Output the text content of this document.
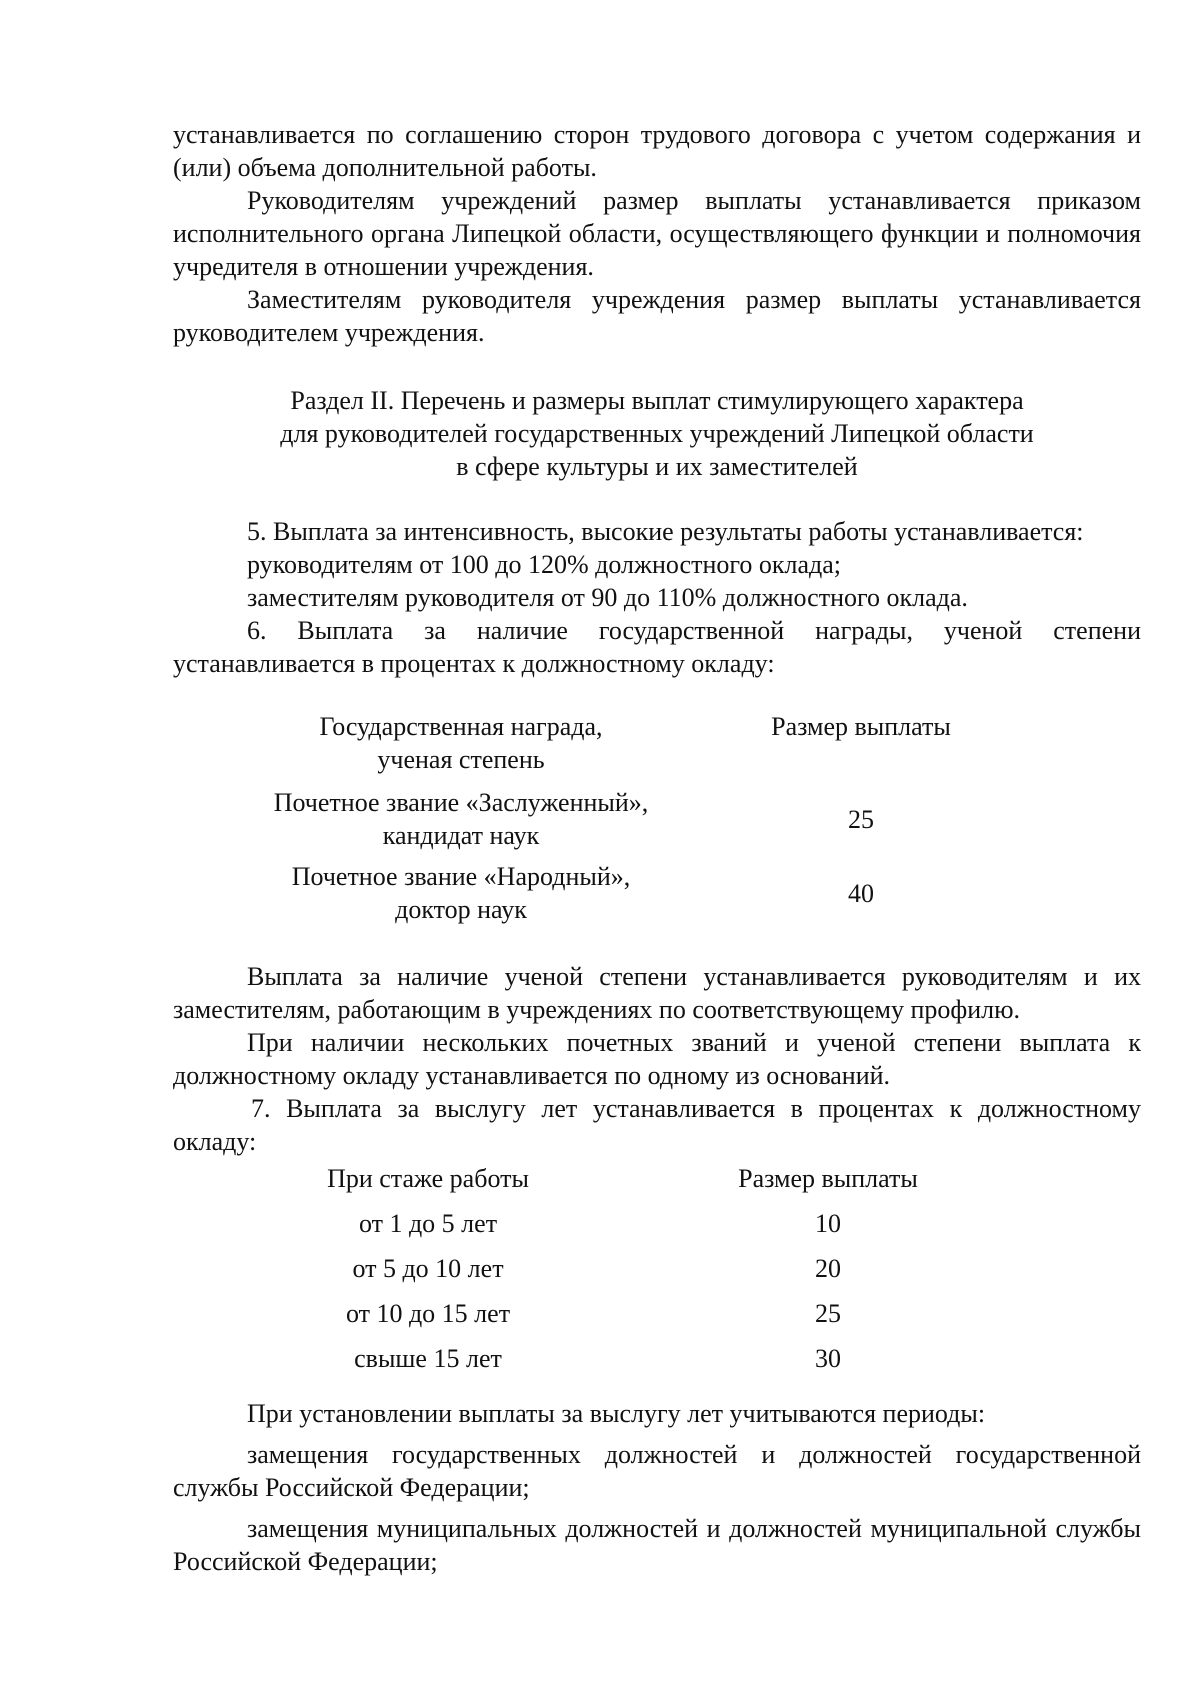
устанавливается по соглашению сторон трудового договора с учетом содержания и (или) объема дополнительной работы.

Руководителям учреждений размер выплаты устанавливается приказом исполнительного органа Липецкой области, осуществляющего функции и полномочия учредителя в отношении учреждения.

Заместителям руководителя учреждения размер выплаты устанавливается руководителем учреждения.

Раздел II. Перечень и размеры выплат стимулирующего характера
для руководителей государственных учреждений Липецкой области
в сфере культуры и их заместителей

5. Выплата за интенсивность, высокие результаты работы устанавливается:

руководителям от 100 до 120% должностного оклада;

заместителям руководителя от 90 до 110% должностного оклада.

6. Выплата за наличие государственной награды, ученой степени устанавливается в процентах к должностному окладу:

Государственная награда,
ученая степень	Размер выплаты

Почетное звание «Заслуженный»,
кандидат наук	25

Почетное звание «Народный»,
доктор наук	40

Выплата за наличие ученой степени устанавливается руководителям и их заместителям, работающим в учреждениях по соответствующему профилю.

При наличии нескольких почетных званий и ученой степени выплата к должностному окладу устанавливается по одному из оснований.

7. Выплата за выслугу лет устанавливается в процентах к должностному окладу:

При стаже работы	Размер выплаты
от 1 до 5 лет	10
от 5 до 10 лет	20
от 10 до 15 лет	25
свыше 15 лет	30

При установлении выплаты за выслугу лет учитываются периоды:

замещения государственных должностей и должностей государственной службы Российской Федерации;

замещения муниципальных должностей и должностей муниципальной службы Российской Федерации;
